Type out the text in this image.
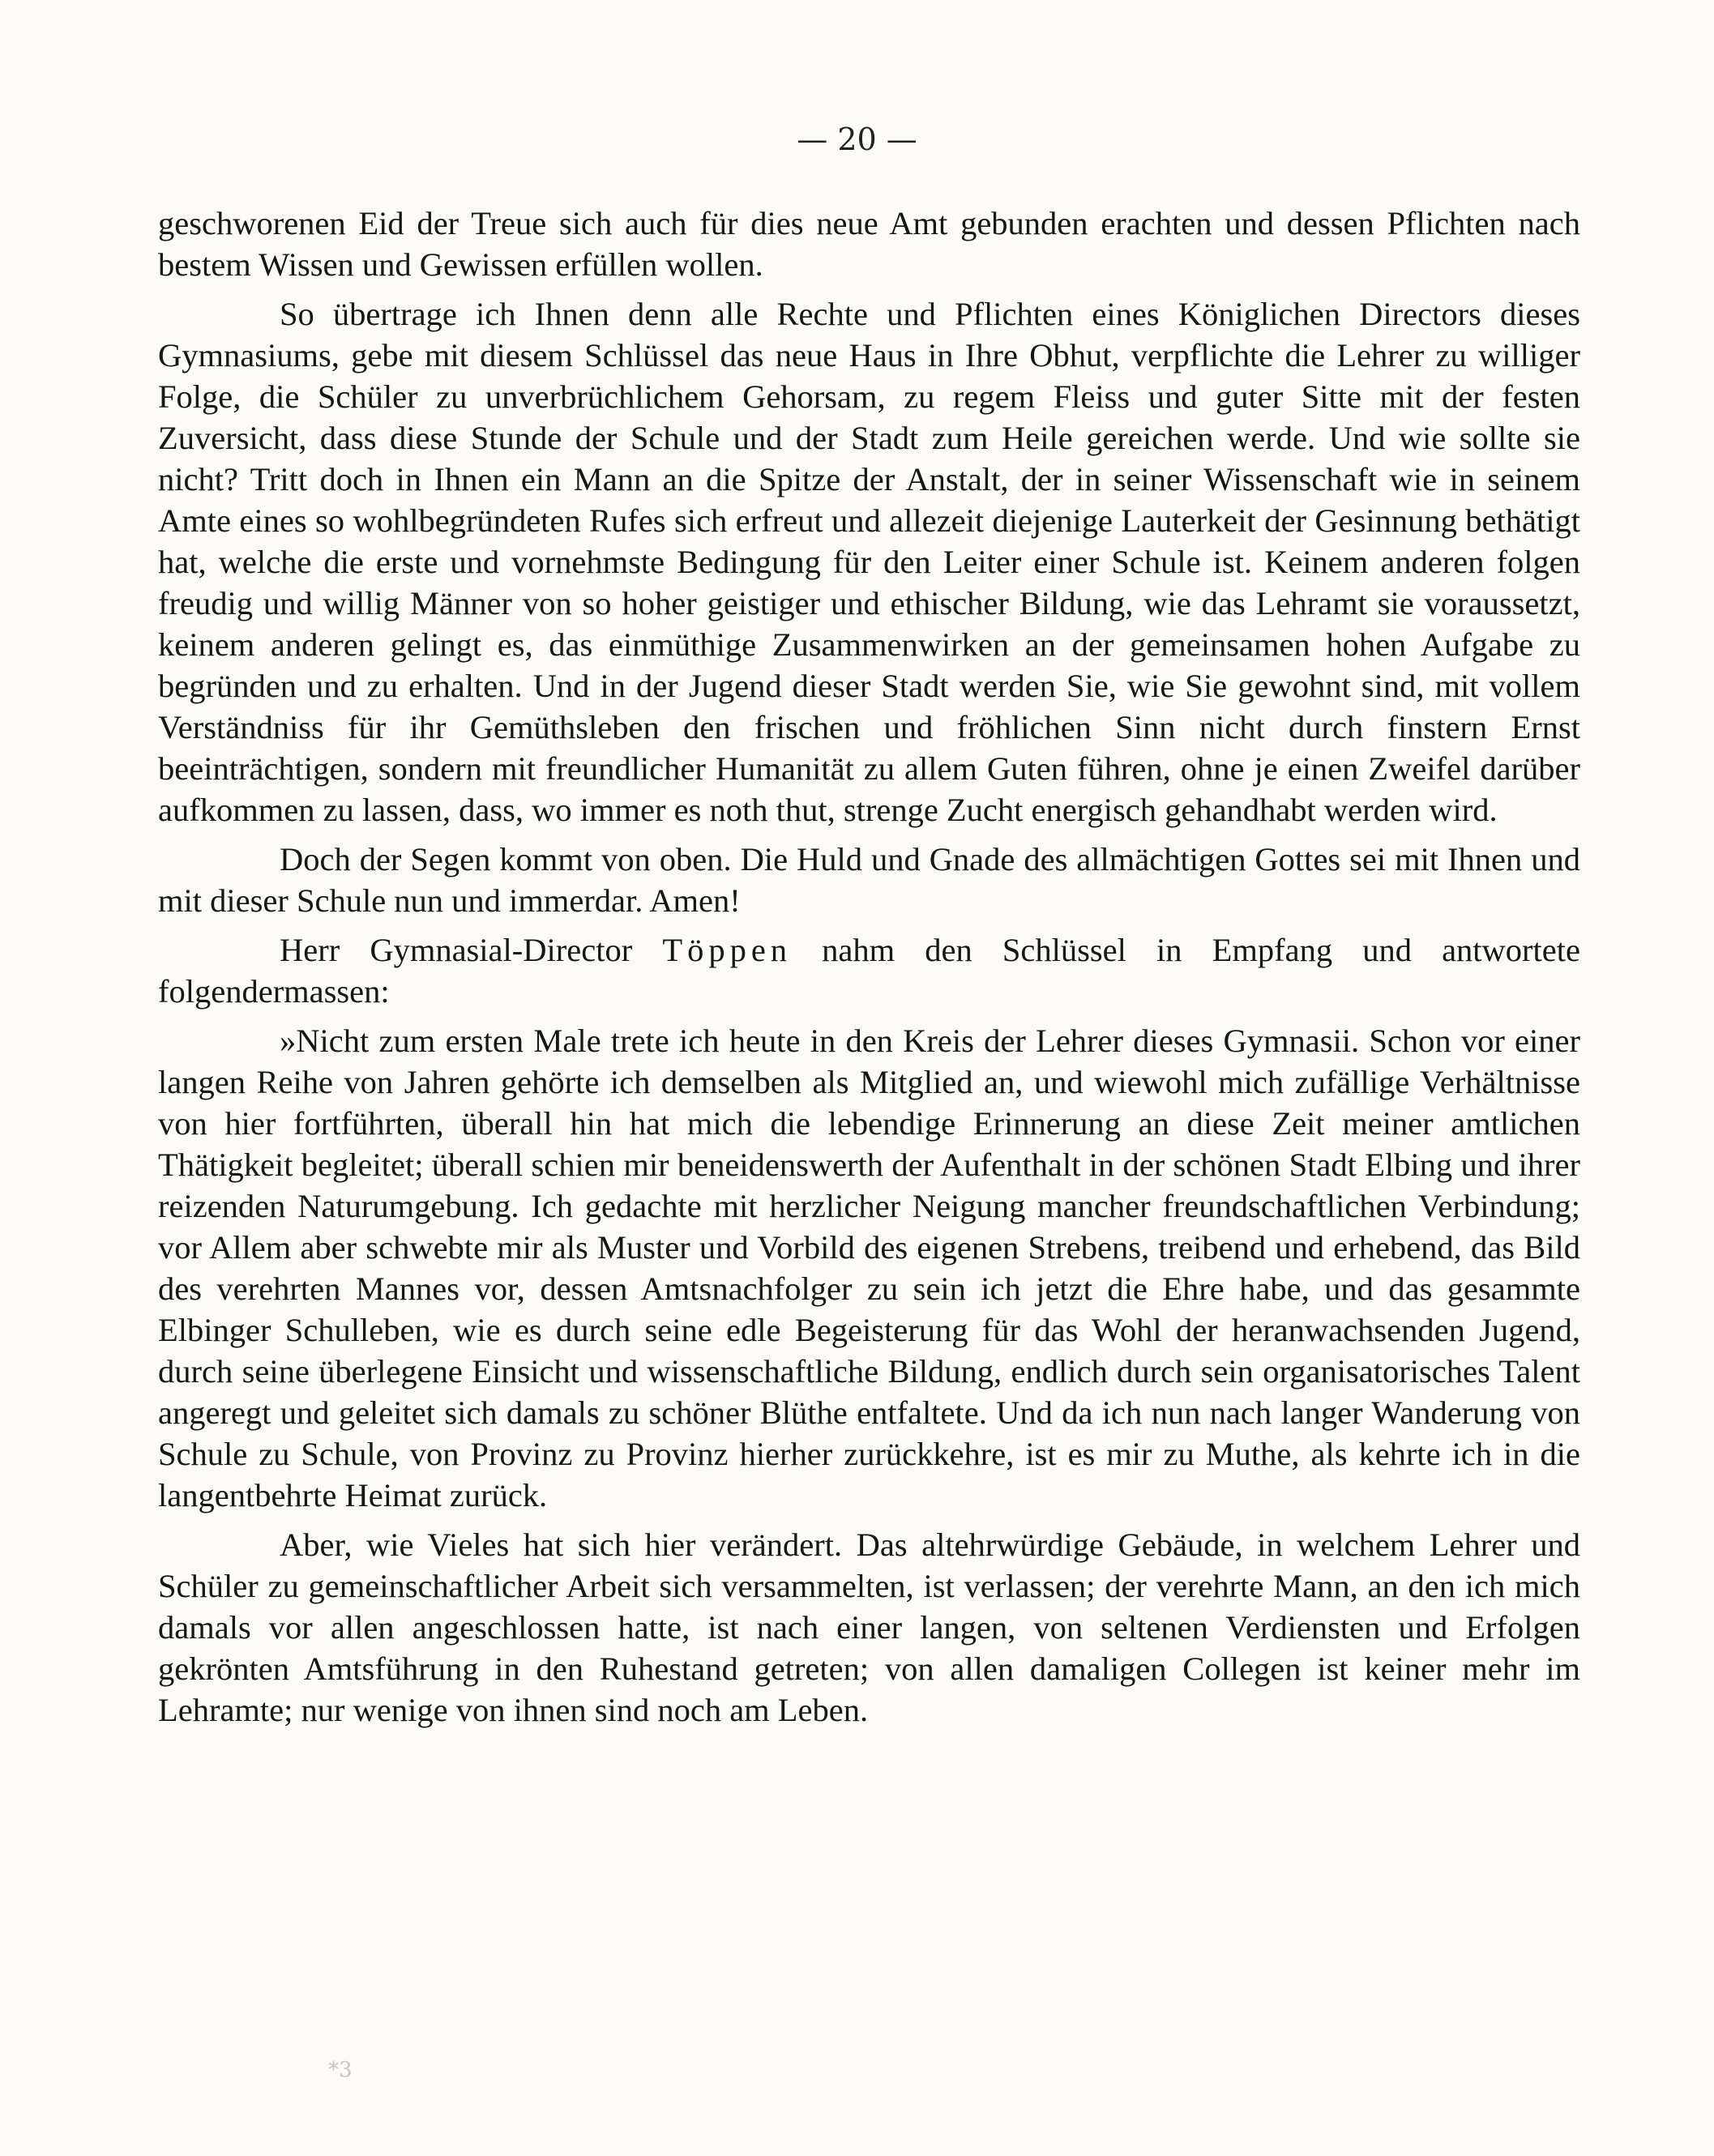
— 20 —

geschworenen Eid der Treue sich auch für dies neue Amt gebunden erachten und dessen Pflichten nach bestem Wissen und Gewissen erfüllen wollen.

So übertrage ich Ihnen denn alle Rechte und Pflichten eines Königlichen Directors dieses Gymnasiums, gebe mit diesem Schlüssel das neue Haus in Ihre Obhut, verpflichte die Lehrer zu williger Folge, die Schüler zu unverbrüchlichem Gehorsam, zu regem Fleiss und guter Sitte mit der festen Zuversicht, dass diese Stunde der Schule und der Stadt zum Heile gereichen werde. Und wie sollte sie nicht? Tritt doch in Ihnen ein Mann an die Spitze der Anstalt, der in seiner Wissenschaft wie in seinem Amte eines so wohlbegründeten Rufes sich erfreut und allezeit diejenige Lauterkeit der Gesinnung bethätigt hat, welche die erste und vornehmste Bedingung für den Leiter einer Schule ist. Keinem anderen folgen freudig und willig Männer von so hoher geistiger und ethischer Bildung, wie das Lehramt sie voraussetzt, keinem anderen gelingt es, das einmüthige Zusammenwirken an der gemeinsamen hohen Aufgabe zu begründen und zu erhalten. Und in der Jugend dieser Stadt werden Sie, wie Sie gewohnt sind, mit vollem Verständniss für ihr Gemüthsleben den frischen und fröhlichen Sinn nicht durch finstern Ernst beeinträchtigen, sondern mit freundlicher Humanität zu allem Guten führen, ohne je einen Zweifel darüber aufkommen zu lassen, dass, wo immer es noth thut, strenge Zucht energisch gehandhabt werden wird.

Doch der Segen kommt von oben. Die Huld und Gnade des allmächtigen Gottes sei mit Ihnen und mit dieser Schule nun und immerdar. Amen!

Herr Gymnasial-Director Töppen nahm den Schlüssel in Empfang und antwortete folgendermassen:

»Nicht zum ersten Male trete ich heute in den Kreis der Lehrer dieses Gymnasii. Schon vor einer langen Reihe von Jahren gehörte ich demselben als Mitglied an, und wiewohl mich zufällige Verhältnisse von hier fortführten, überall hin hat mich die lebendige Erinnerung an diese Zeit meiner amtlichen Thätigkeit begleitet; überall schien mir beneidenswerth der Aufenthalt in der schönen Stadt Elbing und ihrer reizenden Naturumgebung. Ich gedachte mit herzlicher Neigung mancher freundschaftlichen Verbindung; vor Allem aber schwebte mir als Muster und Vorbild des eigenen Strebens, treibend und erhebend, das Bild des verehrten Mannes vor, dessen Amtsnachfolger zu sein ich jetzt die Ehre habe, und das gesammte Elbinger Schulleben, wie es durch seine edle Begeisterung für das Wohl der heranwachsenden Jugend, durch seine überlegene Einsicht und wissenschaftliche Bildung, endlich durch sein organisatorisches Talent angeregt und geleitet sich damals zu schöner Blüthe entfaltete. Und da ich nun nach langer Wanderung von Schule zu Schule, von Provinz zu Provinz hierher zurückkehre, ist es mir zu Muthe, als kehrte ich in die langentbehrte Heimat zurück.

Aber, wie Vieles hat sich hier verändert. Das altehrwürdige Gebäude, in welchem Lehrer und Schüler zu gemeinschaftlicher Arbeit sich versammelten, ist verlassen; der verehrte Mann, an den ich mich damals vor allen angeschlossen hatte, ist nach einer langen, von seltenen Verdiensten und Erfolgen gekrönten Amtsführung in den Ruhestand getreten; von allen damaligen Collegen ist keiner mehr im Lehramte; nur wenige von ihnen sind noch am Leben.

*3
